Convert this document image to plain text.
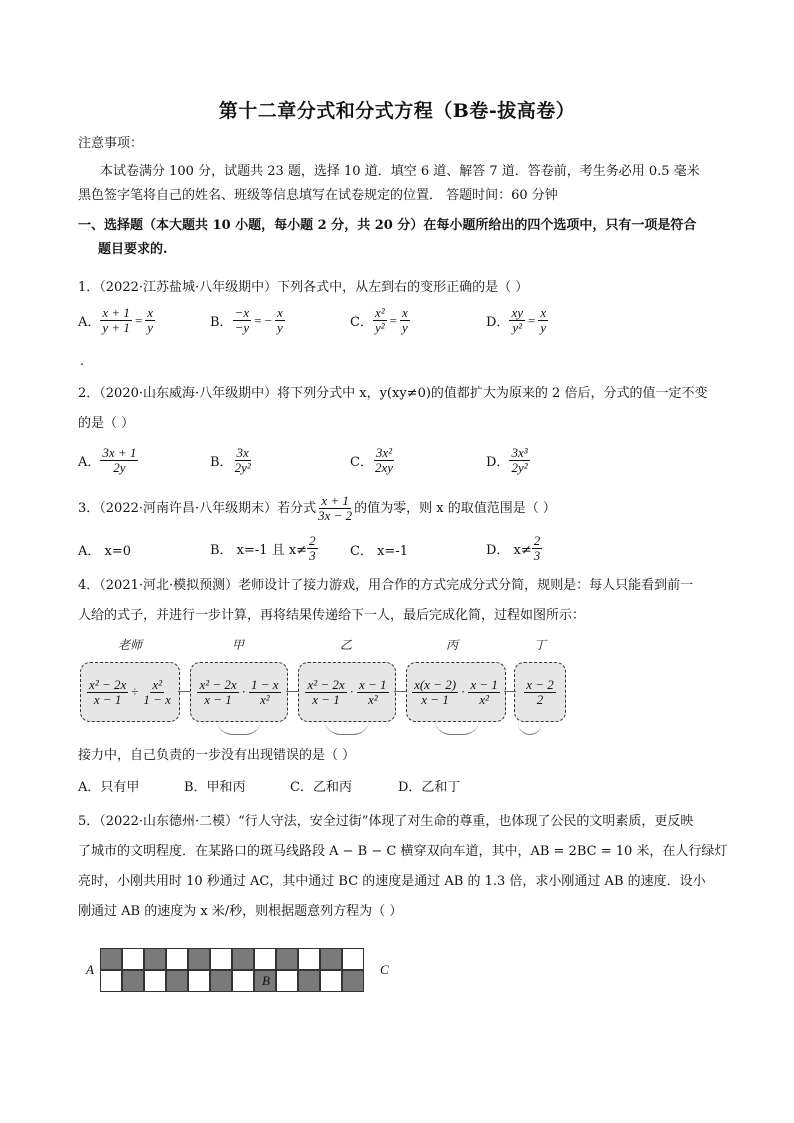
第十二章分式和分式方程（B卷-拔高卷）
注意事项：
本试卷满分 100 分，试题共 23 题，选择 10 道．填空 6 道、解答 7 道．答卷前，考生务必用 0.5 毫米
黑色签字笔将自己的姓名、班级等信息填写在试卷规定的位置． 答题时间：60 分钟
一、选择题（本大题共 10 小题，每小题 2 分，共 20 分）在每小题所给出的四个选项中，只有一项是符合
题目要求的.
1．（2022·江苏盐城·八年级期中）下列各式中，从左到右的变形正确的是（ ）
A． $\frac{x + 1}{y + 1} = \frac{x}{y}$	B． $\frac{-x}{-y}$ = − $\frac{x}{y}$	C． $\frac{\text{x²}}{\text{y²}} = \frac{x}{y}$	D． $\frac{xy}{\text{y²}} = \frac{x}{y}$
.
2．（2020·山东威海·八年级期中）将下列分式中 x，y(xy≠0)的值都扩大为原来的 2 倍后，分式的值一定不变
的是（ ）
A． $\frac{3x + 1}{2y}$	B． $\frac{3x}{\text{2y²}}$	C． $\frac{\text{3x²}}{2xy}$	D． $\frac{\text{3x³}}{\text{2y²}}$
3．（2022·河南许昌·八年级期末）若分式 $\frac{x + 1}{3x - 2}$ 的值为零，则 x 的取值范围是（ ）
A． x=0	B． x=-1 且 $x\ne \frac{2}{3}$ C． x=-1	D． $x\ne \frac{2}{3}$
4．（2021·河北·模拟预测）老师设计了接力游戏，用合作的方式完成分式分简，规则是：每人只能看到前一
人给的式子，并进行一步计算，再将结果传递给下一人，最后完成化简，过程如图所示：
老师	甲	乙	丙	丁
$\frac{\text{x² − 2x}}{x - 1} \div \frac{\text{x²}}{1 - x} \frac{\text{x² − 2x}}{x - 1} \cdot \frac{1 - x}{\text{x²}} \frac{\text{x² − 2x}}{x - 1} \cdot \frac{x - 1}{\text{x²}} \frac{x(x - 2)}{x - 1} \cdot \frac{x - 1}{\text{x²}} \frac{x - 2}{2}$
接力中，自己负责的一步没有出现错误的是（ ）
A．只有甲	B．甲和丙	C．乙和丙	D．乙和丁
5．（2022·山东德州·二模）“行人守法，安全过街”体现了对生命的尊重，也体现了公民的文明素质，更反映
了城市的文明程度．在某路口的斑马线路段 A − B − C 横穿双向车道，其中，AB = 2BC = 10 米，在人行绿灯
亮时，小刚共用时 10 秒通过 AC，其中通过 BC 的速度是通过 AB 的 1.3 倍，求小刚通过 AB 的速度．设小
刚通过 AB 的速度为 x 米/秒，则根据题意列方程为（ ）
A	C
B
